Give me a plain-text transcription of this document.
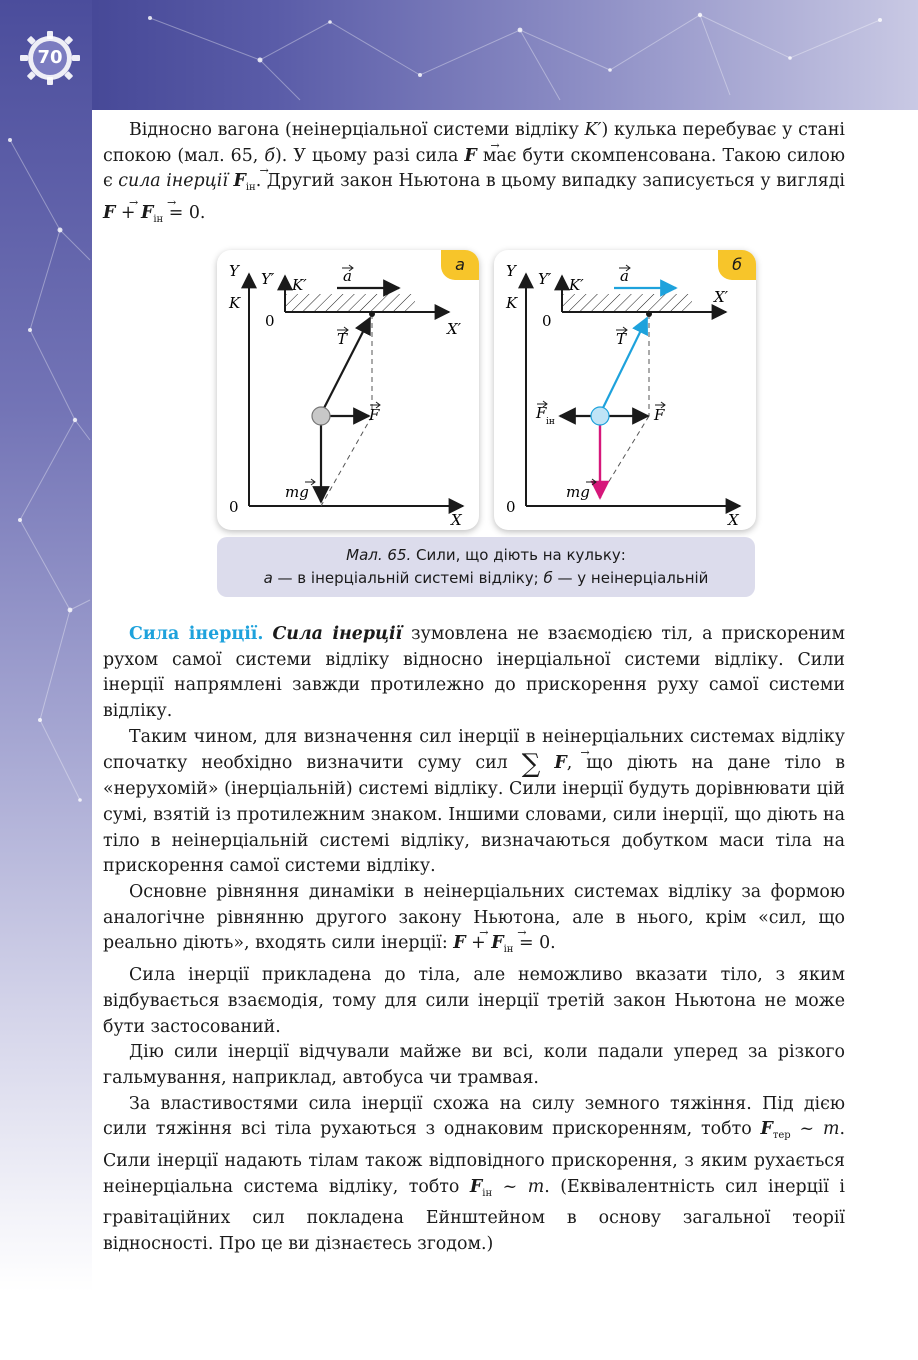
70

Відносно вагона (неінерціальної системи відліку K′) кулька перебуває у стані спокою (мал. 65, б). У цьому разі сила → F має бути скомпенсована. Такою силою є сила інерції → $F_{ін}$. Другий закон Ньютона в цьому випадку записується у вигляді → F + → $F_{ін} = 0$.

а
Y
K
Y′ K′ a
0	X′
T
F
mg
0
X
б
Y
K
Y′ K′ a
0
X′
T
F
F ін
mg
0
X
Мал. 65. Сили, що діють на кульку:
а — в інерціальній системі відліку; б — у неінерціальній

Сила інерції. Сила інерції зумовлена не взаємодією тіл, а прискореним рухом самої системи відліку відносно інерціальної системи відліку. Сили інерції напрямлені завжди протилежно до прискорення руху самої системи відліку.

Таким чином, для визначення сил інерції в неінерціальних системах відліку спочатку необхідно визначити суму сил ∑ → F, що діють на дане тіло в «нерухомій» (інерціальній) системі відліку. Сили інерції будуть дорівнювати цій сумі, взятій із протилежним знаком. Іншими словами, сили інерції, що діють на тіло в неінерціальній системі відліку, визначаються добутком маси тіла на прискорення самої системи відліку.

Основне рівняння динаміки в неінерціальних системах відліку за формою аналогічне рівнянню другого закону Ньютона, але в нього, крім «сил, що реально діють», входять сили інерції: → F + → $F_{ін} = 0$.

Сила інерції прикладена до тіла, але неможливо вказати тіло, з яким відбувається взаємодія, тому для сили інерції третій закон Ньютона не може бути застосований.

Дію сили інерції відчували майже ви всі, коли падали уперед за різкого гальмування, наприклад, автобуса чи трамвая.

За властивостями сила інерції схожа на силу земного тяжіння. Під дією сили тяжіння всі тіла рухаються з однаковим прискоренням, тобто $F_{тер}$ ~ m. Сили інерції надають тілам також відповідного прискорення, з яким рухається неінерціальна система відліку, тобто $F_{ін}$ ~ m. (Еквівалентність сил інерції і гравітаційних сил покладена Ейнштейном в основу загальної теорії відносності. Про це ви дізнаєтесь згодом.)
